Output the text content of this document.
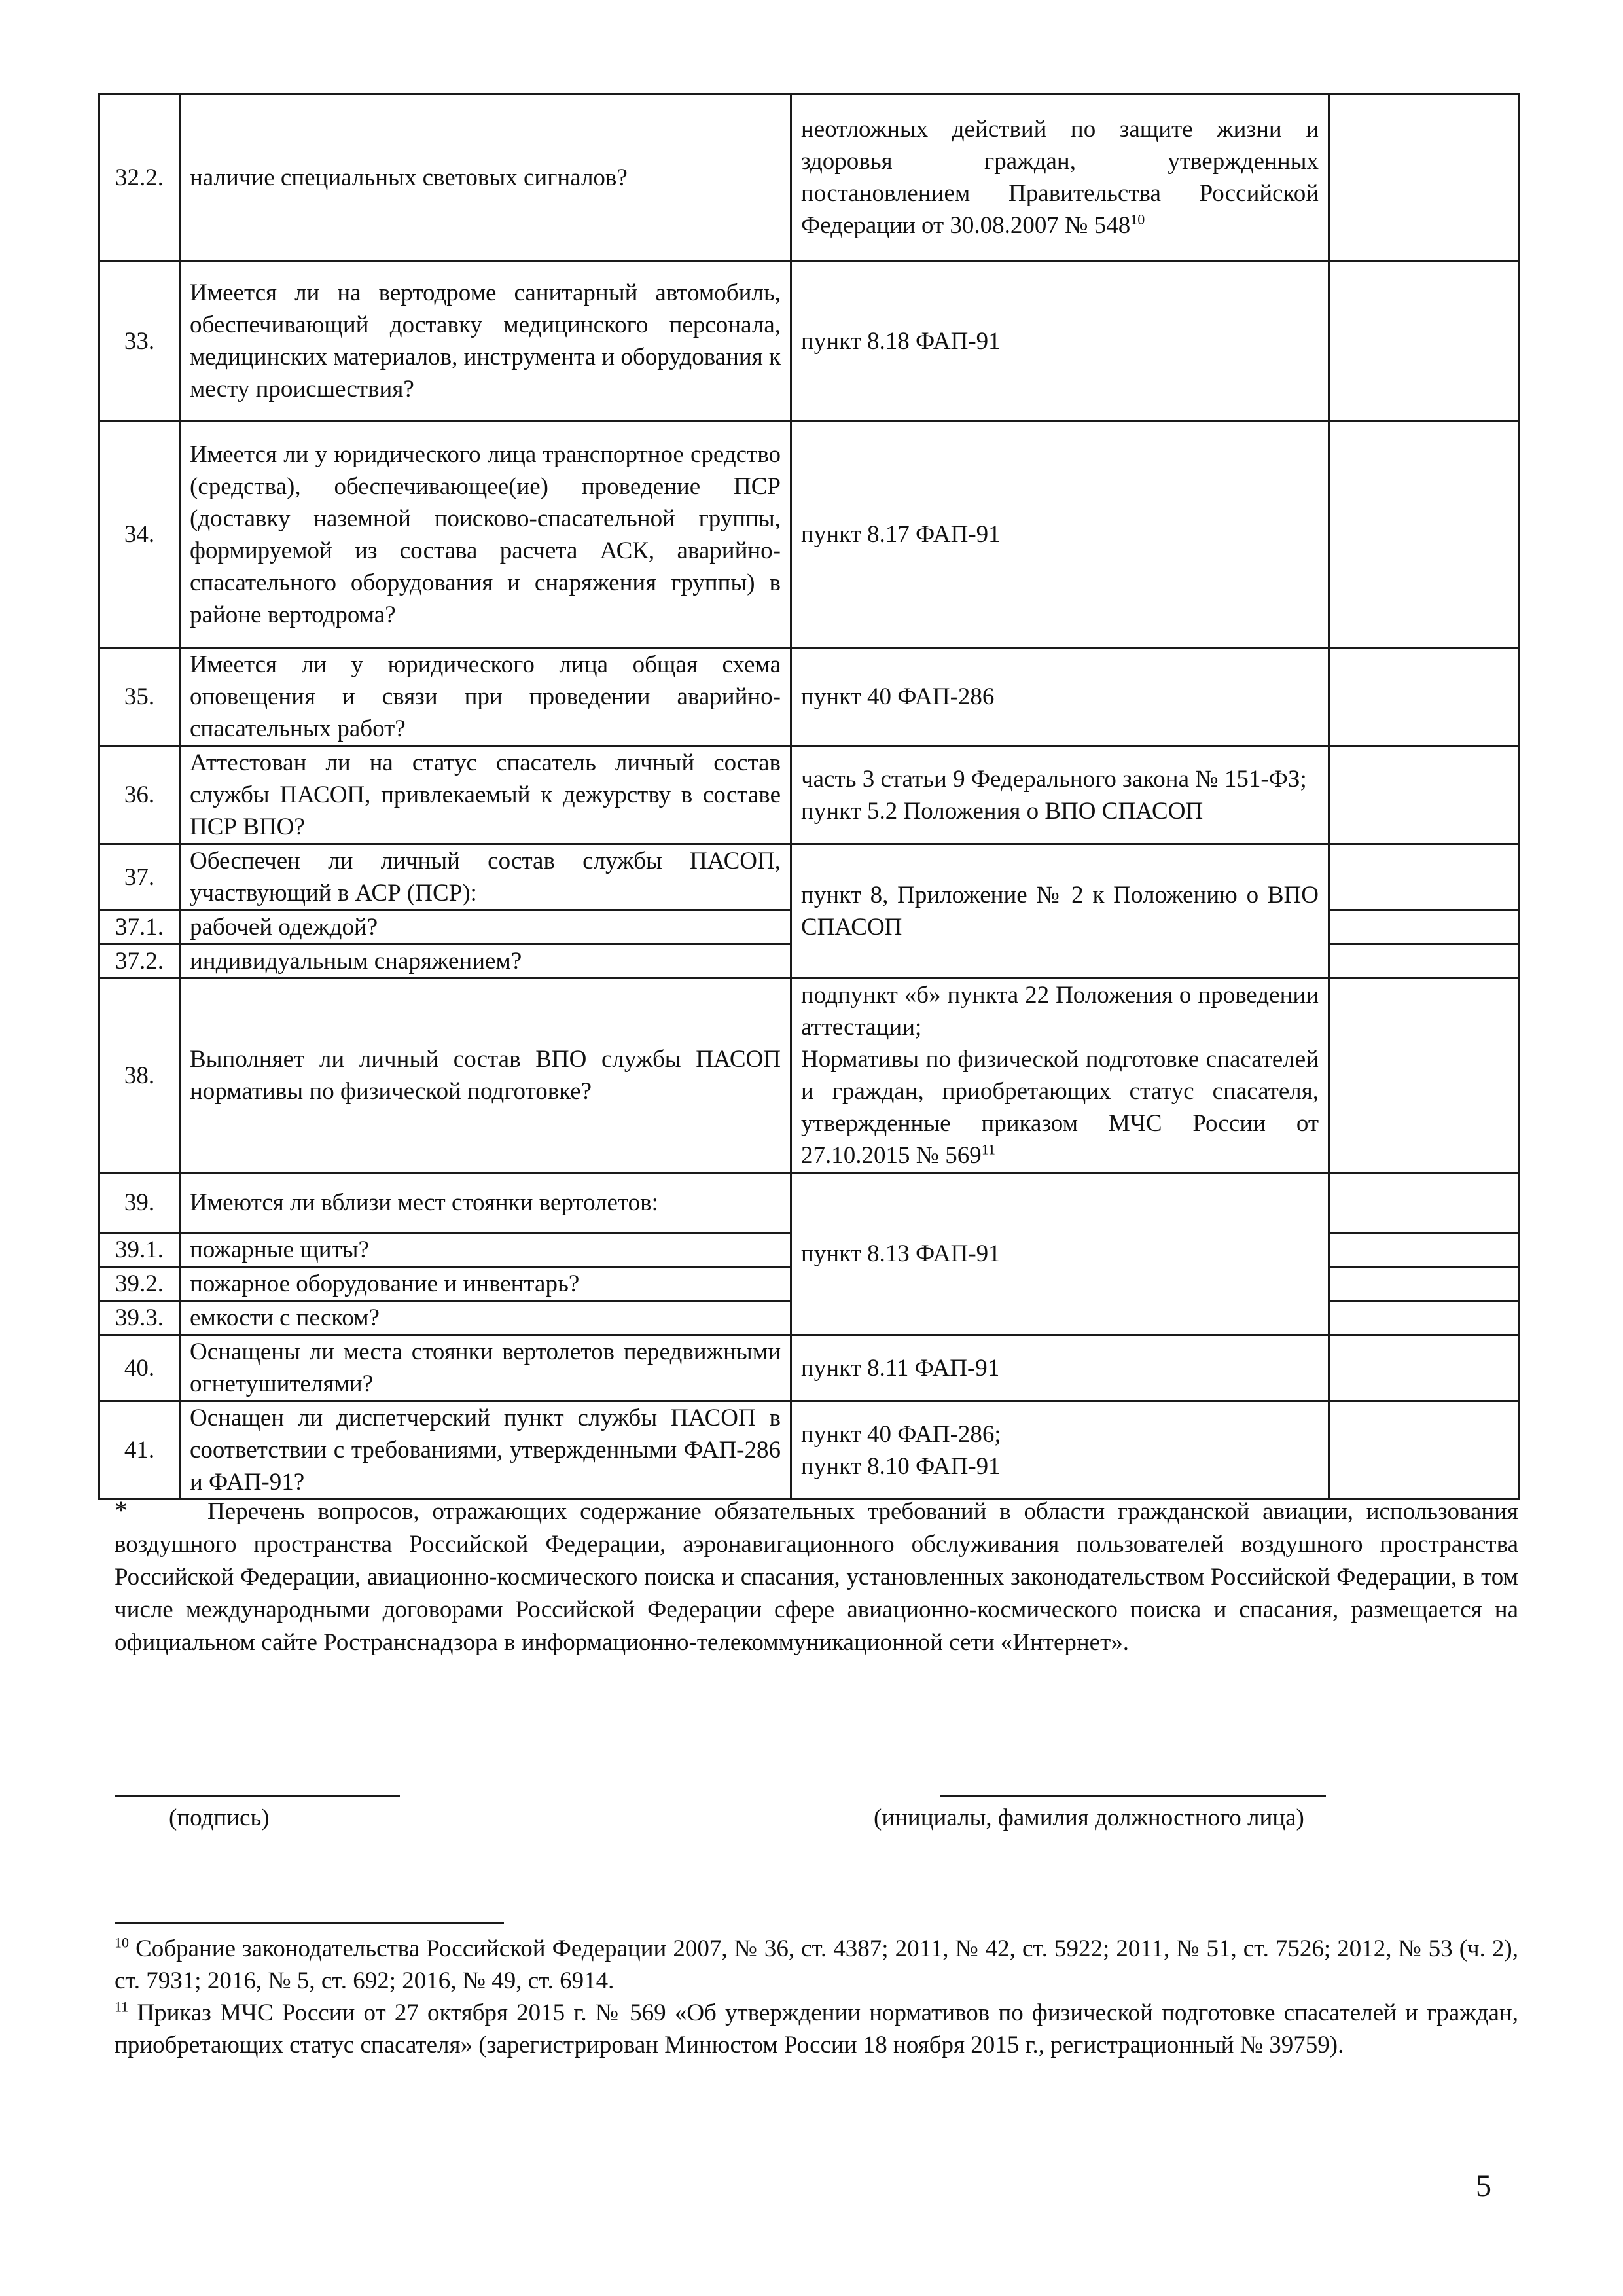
32.2.	наличие специальных световых сигналов?	неотложных действий по защите жизни и здоровья граждан, утвержденных постановлением Правительства Российской Федерации от 30.08.2007 № $548^{10}$	
33.	Имеется ли на вертодроме санитарный автомобиль, обеспечивающий доставку медицинского персонала, медицинских материалов, инструмента и оборудования к месту происшествия?	пункт 8.18 ФАП-91	
34.	Имеется ли у юридического лица транспортное средство (средства), обеспечивающее(ие) проведение ПСР (доставку наземной поисково-спасательной группы, формируемой из состава расчета АСК, аварийно-спасательного оборудования и снаряжения группы) в районе вертодрома?	пункт 8.17 ФАП-91	
35.	Имеется ли у юридического лица общая схема оповещения и связи при проведении аварийно-спасательных работ?	пункт 40 ФАП-286	
36.	Аттестован ли на статус спасатель личный состав службы ПАСОП, привлекаемый к дежурству в составе ПСР ВПО?	часть 3 статьи 9 Федерального закона № 151-ФЗ;
пункт 5.2 Положения о ВПО СПАСОП	

37.	Обеспечен ли личный состав службы ПАСОП, участвующий в АСР (ПСР):	пункт 8, Приложение № 2 к Положению о ВПО СПАСОП	
37.1.	рабочей одеждой?		
37.2.	индивидуальным снаряжением?		
38.	Выполняет ли личный состав ВПО службы ПАСОП нормативы по физической подготовке?	подпункт «б» пункта 22 Положения о проведении аттестации;
Нормативы по физической подготовке спасателей и граждан, приобретающих статус спасателя, утвержденные приказом МЧС России от 27.10.2015 № $569^{11}$

39.	Имеются ли вблизи мест стоянки вертолетов:	пункт 8.13 ФАП-91	
39.1.	пожарные щиты?		
39.2.	пожарное оборудование и инвентарь?		
39.3.	емкости с песком?		
40.	Оснащены ли места стоянки вертолетов передвижными огнетушителями?	пункт 8.11 ФАП-91	
41.	Оснащен ли диспетчерский пункт службы ПАСОП в соответствии с требованиями, утвержденными ФАП-286 и ФАП-91?	пункт 40 ФАП-286;
пункт 8.10 ФАП-91	

*	Перечень вопросов, отражающих содержание обязательных требований в области гражданской авиации, использования воздушного пространства Российской Федерации, аэронавигационного обслуживания пользователей воздушного пространства Российской Федерации, авиационно-космического поиска и спасания, установленных законодательством Российской Федерации, в том числе международными договорами Российской Федерации сфере авиационно-космического поиска и спасания, размещается на официальном сайте Ространснадзора в информационно-телекоммуникационной сети «Интернет».
(подпись)	(инициалы, фамилия должностного лица)

$^{10}$ Собрание законодательства Российской Федерации 2007, № 36, ст. 4387; 2011, № 42, ст. 5922; 2011, № 51, ст. 7526; 2012, № 53 (ч. 2), ст. 7931; 2016, № 5, ст. 692; 2016, № 49, ст. 6914.

$^{11}$ Приказ МЧС России от 27 октября 2015 г. № 569 «Об утверждении нормативов по физической подготовке спасателей и граждан, приобретающих статус спасателя» (зарегистрирован Минюстом России 18 ноября 2015 г., регистрационный № 39759).

5
